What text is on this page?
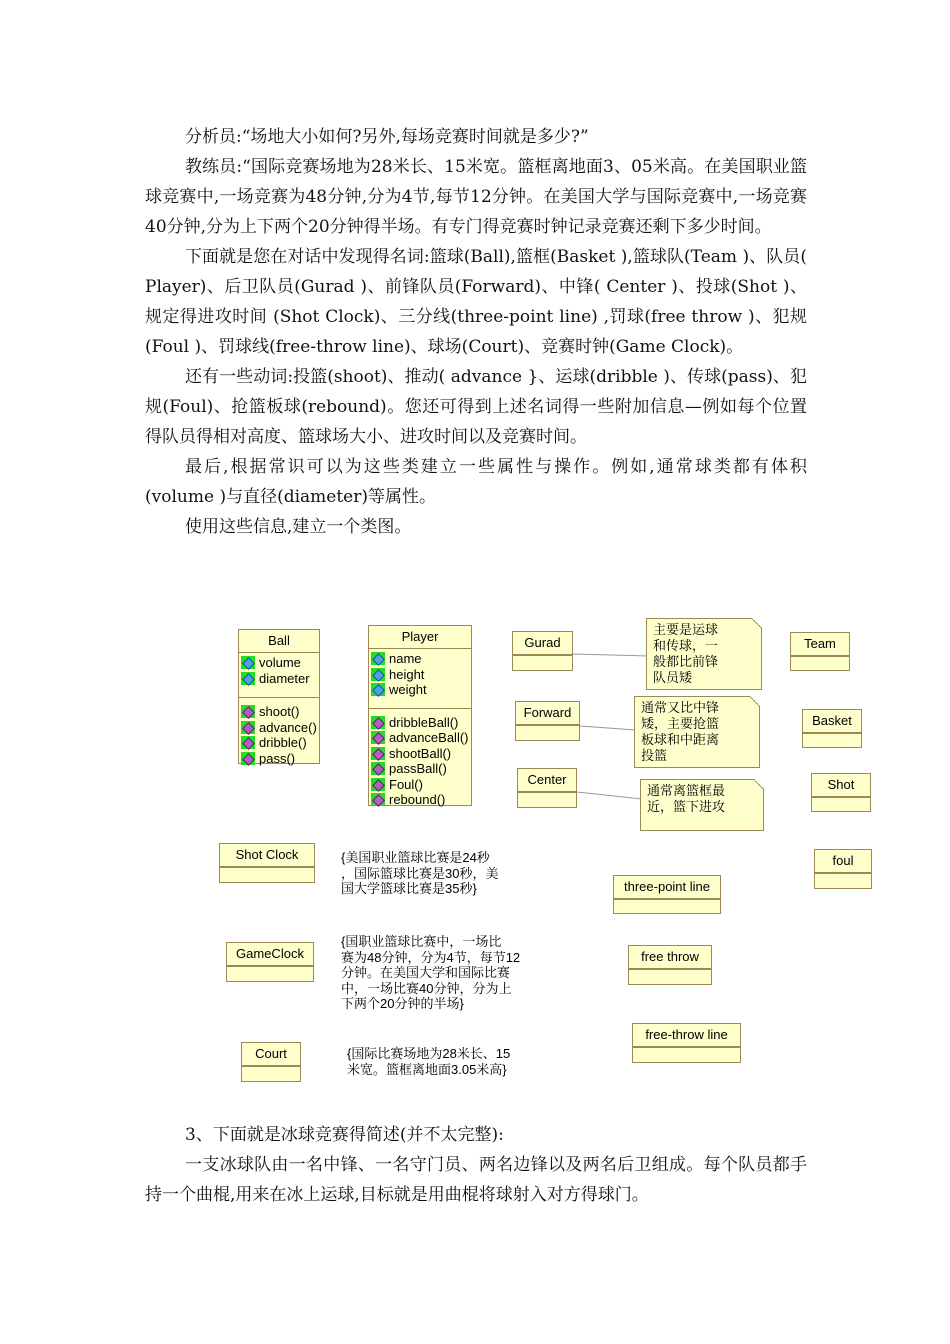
分析员:“场地大小如何?另外,每场竞赛时间就是多少?”

教练员:“国际竞赛场地为28米长、15米宽。篮框离地面3、05米高。在美国职业篮球竞赛中,一场竞赛为48分钟,分为4节,每节12分钟。在美国大学与国际竞赛中,一场竞赛40分钟,分为上下两个20分钟得半场。有专门得竞赛时钟记录竞赛还剩下多少时间。

下面就是您在对话中发现得名词:篮球(Ball),篮框(Basket ),篮球队(Team )、队员( Player)、后卫队员(Gurad )、前锋队员(Forward)、中锋( Center )、投球(Shot )、规定得进攻时间 (Shot Clock)、三分线(three-point line) ,罚球(free throw )、犯规(Foul )、罚球线(free-throw line)、球场(Court)、竞赛时钟(Game Clock)。

还有一些动词:投篮(shoot)、推动( advance }、运球(dribble )、传球(pass)、犯规(Foul)、抢篮板球(rebound)。您还可得到上述名词得一些附加信息—例如每个位置得队员得相对高度、篮球场大小、进攻时间以及竞赛时间。

最后,根据常识可以为这些类建立一些属性与操作。例如,通常球类都有体积(volume )与直径(diameter)等属性。

使用这些信息,建立一个类图。

Ball
volume
diameter
shoot()
advance()
dribble()
pass()
Player
name
height
weight
dribbleBall()
advanceBall()
shootBall()
passBall()
Foul()
rebound()
Gurad
Forward
Center
Team
Basket
Shot
foul
Shot Clock
GameClock
Court
three-point line
free throw
free-throw line
主要是运球
和传球，一
般都比前锋
队员矮
通常又比中锋
矮，主要抢篮
板球和中距离
投篮
通常离篮框最
近，篮下进攻
{美国职业篮球比赛是24秒
，国际篮球比赛是30秒，美
国大学篮球比赛是35秒}
{国职业篮球比赛中，一场比
赛为48分钟，分为4节，每节12
分钟。在美国大学和国际比赛
中，一场比赛40分钟，分为上
下两个20分钟的半场}
{国际比赛场地为28米长、15
米宽。篮框离地面3.05米高}

3、下面就是冰球竞赛得简述(并不太完整):

一支冰球队由一名中锋、一名守门员、两名边锋以及两名后卫组成。每个队员都手持一个曲棍,用来在冰上运球,目标就是用曲棍将球射入对方得球门。
